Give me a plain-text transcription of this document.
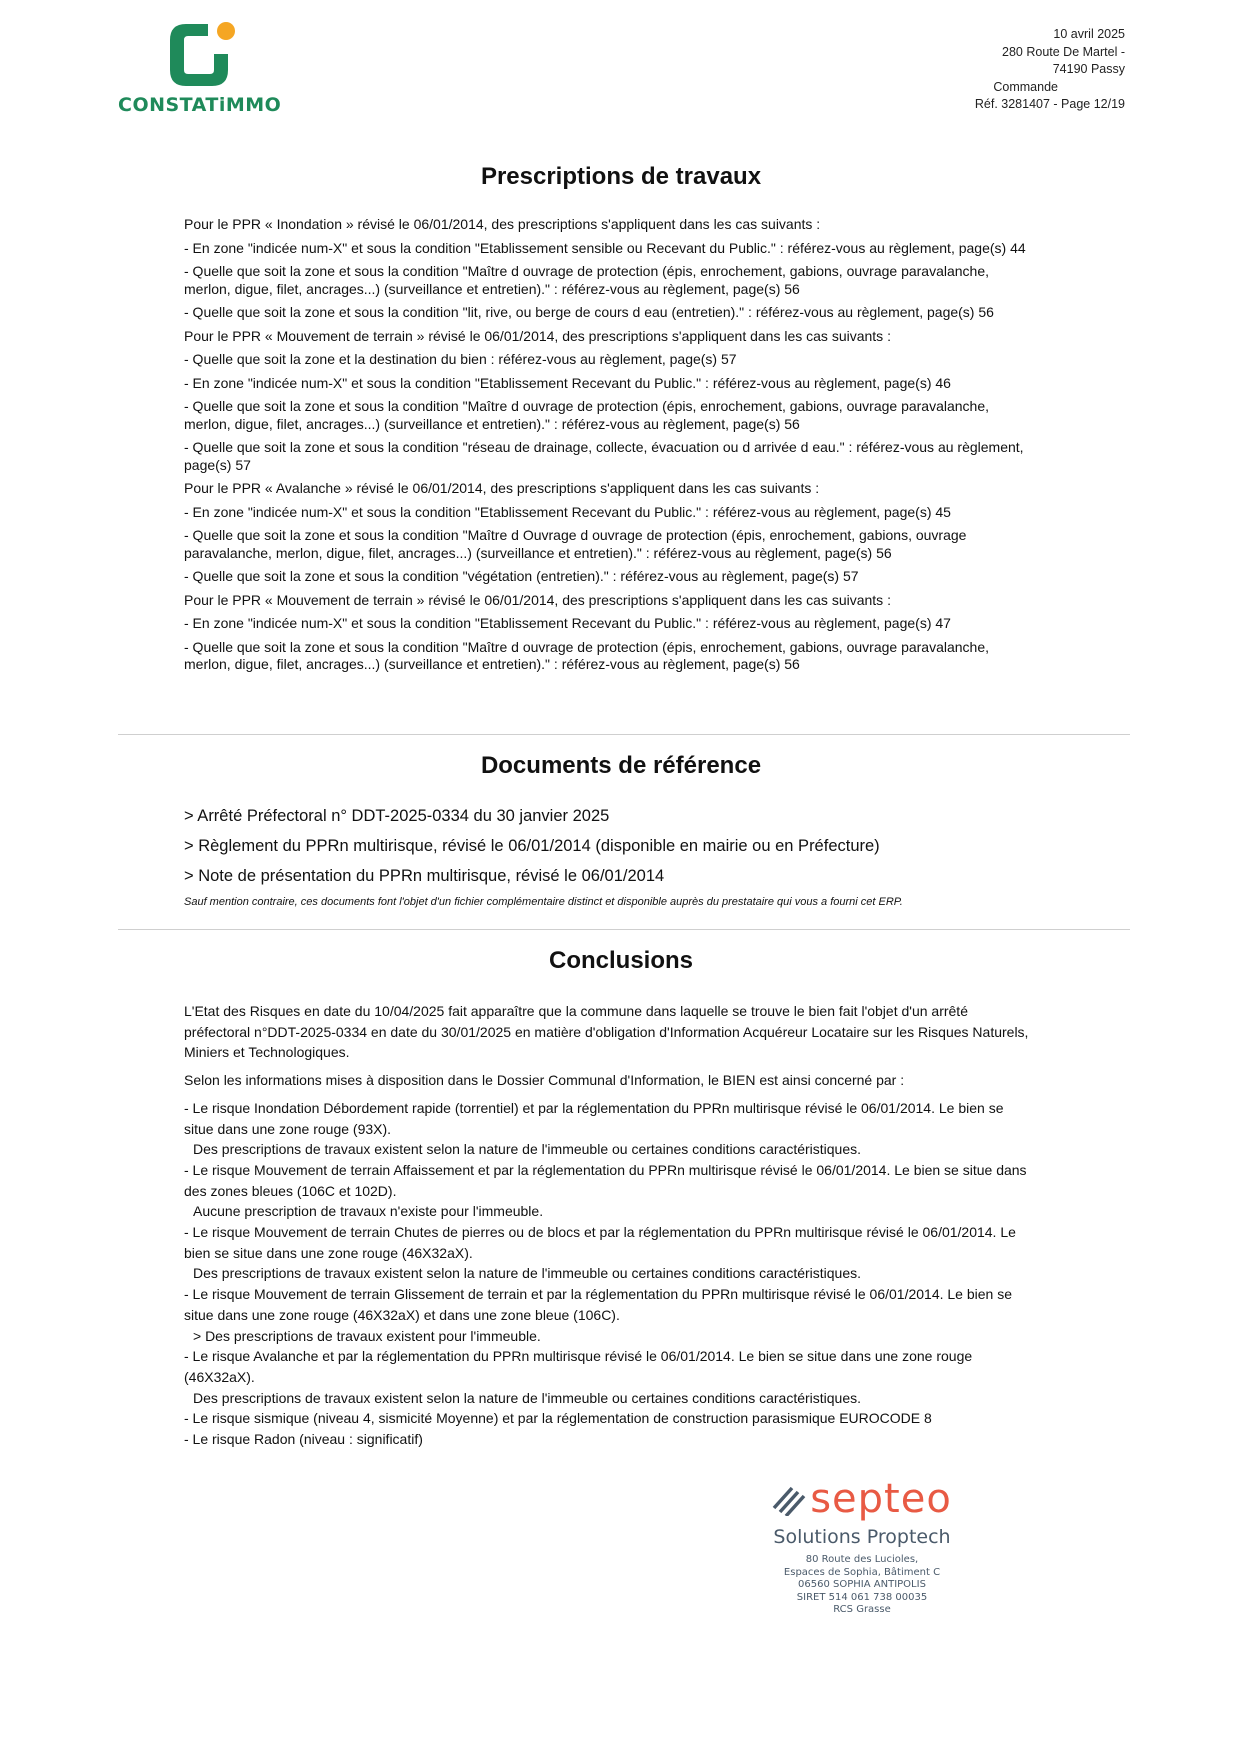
CONSTATiMMO
10 avril 2025
280 Route De Martel -
74190 Passy
Commande
Réf. 3281407 - Page 12/19
Prescriptions de travaux

Pour le PPR « Inondation » révisé le 06/01/2014, des prescriptions s'appliquent dans les cas suivants :

- En zone "indicée num-X" et sous la condition "Etablissement sensible ou Recevant du Public." : référez-vous au règlement, page(s) 44

- Quelle que soit la zone et sous la condition "Maître d ouvrage de protection (épis, enrochement, gabions, ouvrage paravalanche, merlon, digue, filet, ancrages...) (surveillance et entretien)." : référez-vous au règlement, page(s) 56

- Quelle que soit la zone et sous la condition "lit, rive, ou berge de cours d eau (entretien)." : référez-vous au règlement, page(s) 56

Pour le PPR « Mouvement de terrain » révisé le 06/01/2014, des prescriptions s'appliquent dans les cas suivants :

- Quelle que soit la zone et la destination du bien : référez-vous au règlement, page(s) 57

- En zone "indicée num-X" et sous la condition "Etablissement Recevant du Public." : référez-vous au règlement, page(s) 46

- Quelle que soit la zone et sous la condition "Maître d ouvrage de protection (épis, enrochement, gabions, ouvrage paravalanche, merlon, digue, filet, ancrages...) (surveillance et entretien)." : référez-vous au règlement, page(s) 56

- Quelle que soit la zone et sous la condition "réseau de drainage, collecte, évacuation ou d arrivée d eau." : référez-vous au règlement, page(s) 57

Pour le PPR « Avalanche » révisé le 06/01/2014, des prescriptions s'appliquent dans les cas suivants :

- En zone "indicée num-X" et sous la condition "Etablissement Recevant du Public." : référez-vous au règlement, page(s) 45

- Quelle que soit la zone et sous la condition "Maître d Ouvrage d ouvrage de protection (épis, enrochement, gabions, ouvrage paravalanche, merlon, digue, filet, ancrages...) (surveillance et entretien)." : référez-vous au règlement, page(s) 56

- Quelle que soit la zone et sous la condition "végétation (entretien)." : référez-vous au règlement, page(s) 57

Pour le PPR « Mouvement de terrain » révisé le 06/01/2014, des prescriptions s'appliquent dans les cas suivants :

- En zone "indicée num-X" et sous la condition "Etablissement Recevant du Public." : référez-vous au règlement, page(s) 47

- Quelle que soit la zone et sous la condition "Maître d ouvrage de protection (épis, enrochement, gabions, ouvrage paravalanche, merlon, digue, filet, ancrages...) (surveillance et entretien)." : référez-vous au règlement, page(s) 56

Documents de référence

> Arrêté Préfectoral n° DDT-2025-0334 du 30 janvier 2025

> Règlement du PPRn multirisque, révisé le 06/01/2014 (disponible en mairie ou en Préfecture)

> Note de présentation du PPRn multirisque, révisé le 06/01/2014

Sauf mention contraire, ces documents font l'objet d'un fichier complémentaire distinct et disponible auprès du prestataire qui vous a fourni cet ERP.

Conclusions

L'Etat des Risques en date du 10/04/2025 fait apparaître que la commune dans laquelle se trouve le bien fait l'objet d'un arrêté préfectoral n°DDT-2025-0334 en date du 30/01/2025 en matière d'obligation d'Information Acquéreur Locataire sur les Risques Naturels, Miniers et Technologiques.

Selon les informations mises à disposition dans le Dossier Communal d'Information, le BIEN est ainsi concerné par :

- Le risque Inondation Débordement rapide (torrentiel) et par la réglementation du PPRn multirisque révisé le 06/01/2014. Le bien se situe dans une zone rouge (93X).
Des prescriptions de travaux existent selon la nature de l'immeuble ou certaines conditions caractéristiques.
- Le risque Mouvement de terrain Affaissement et par la réglementation du PPRn multirisque révisé le 06/01/2014. Le bien se situe dans des zones bleues (106C et 102D).
Aucune prescription de travaux n'existe pour l'immeuble.
- Le risque Mouvement de terrain Chutes de pierres ou de blocs et par la réglementation du PPRn multirisque révisé le 06/01/2014. Le bien se situe dans une zone rouge (46X32aX).
Des prescriptions de travaux existent selon la nature de l'immeuble ou certaines conditions caractéristiques.
- Le risque Mouvement de terrain Glissement de terrain et par la réglementation du PPRn multirisque révisé le 06/01/2014. Le bien se situe dans une zone rouge (46X32aX) et dans une zone bleue (106C).
> Des prescriptions de travaux existent pour l'immeuble.
- Le risque Avalanche et par la réglementation du PPRn multirisque révisé le 06/01/2014. Le bien se situe dans une zone rouge (46X32aX).
Des prescriptions de travaux existent selon la nature de l'immeuble ou certaines conditions caractéristiques.
- Le risque sismique (niveau 4, sismicité Moyenne) et par la réglementation de construction parasismique EUROCODE 8
- Le risque Radon (niveau : significatif)
septeo
Solutions Proptech
80 Route des Lucioles,
Espaces de Sophia, Bâtiment C
06560 SOPHIA ANTIPOLIS
SIRET 514 061 738 00035
RCS Grasse
